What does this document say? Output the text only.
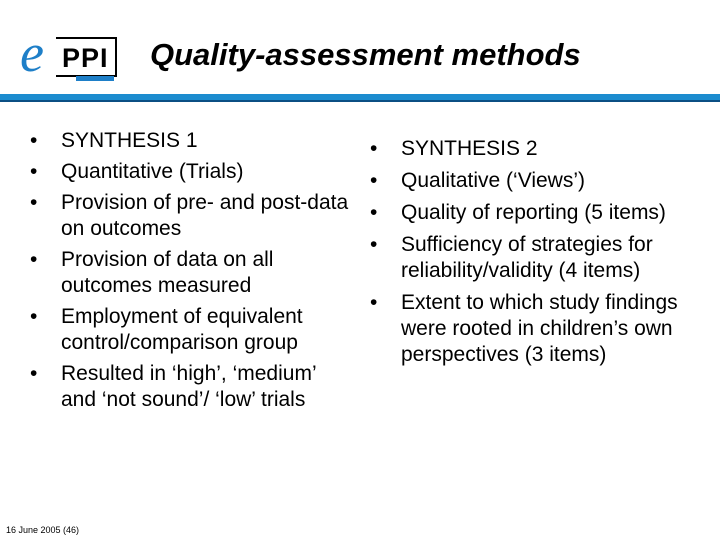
e PPI Quality-assessment methods
•	SYNTHESIS 1
•	Quantitative (Trials)
•	Provision of pre- and post-data on outcomes
•	Provision of data on all outcomes measured
•	Employment of equivalent control/comparison group
•	Resulted in ‘high’, ‘medium’ and ‘not sound’/ ‘low’ trials
•	SYNTHESIS 2
•	Qualitative (‘Views’)
•	Quality of reporting (5 items)
•	Sufficiency of strategies for reliability/validity (4 items)
•	Extent to which study findings were rooted in children’s own perspectives (3 items)
16 June 2005 (46)
